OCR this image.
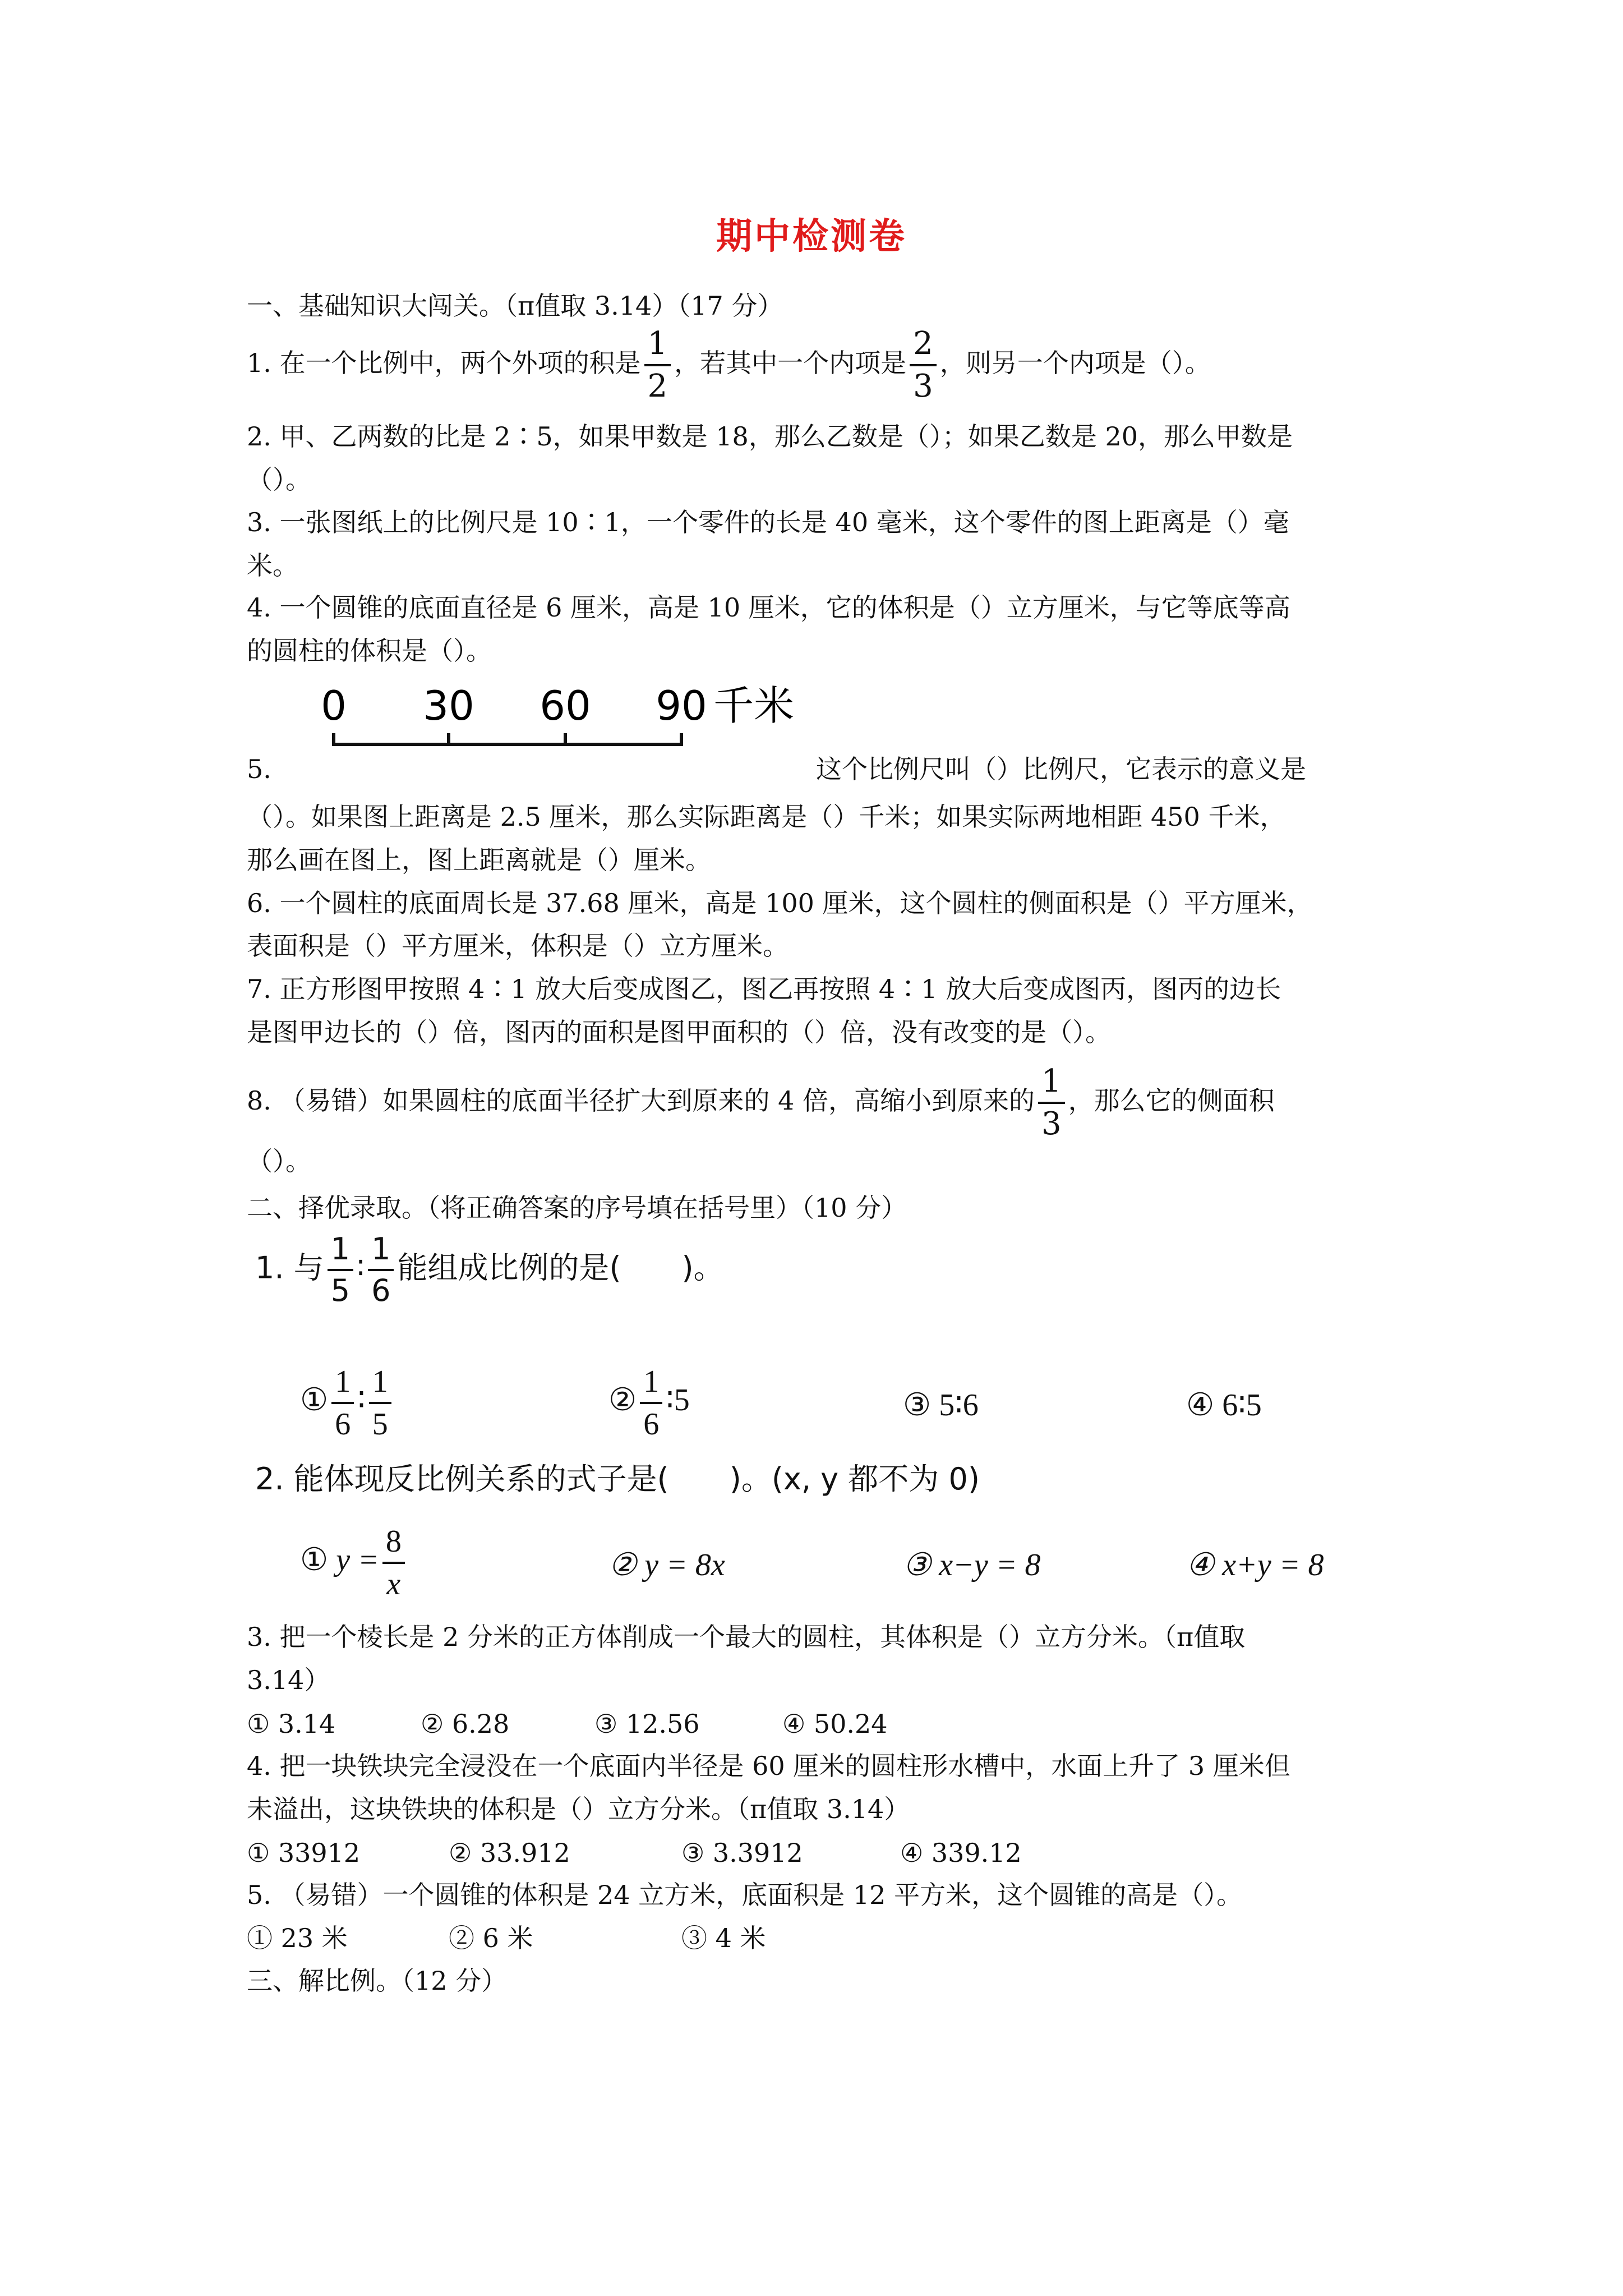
期中检测卷
一、基础知识大闯关。（π值取 3.14）（17 分）
1. 在一个比例中，两个外项的积是 $\frac{1}{2}$ ，若其中一个内项是 $\frac{2}{3}$ ，则另一个内项是（）。
2. 甲、乙两数的比是 2∶5，如果甲数是 18，那么乙数是（）；如果乙数是 20，那么甲数是
（）。
3. 一张图纸上的比例尺是 10∶1，一个零件的长是 40 毫米，这个零件的图上距离是（）毫
米。
4. 一个圆锥的底面直径是 6 厘米，高是 10 厘米，它的体积是（）立方厘米，与它等底等高
的圆柱的体积是（）。
0 30 60 90 千米
5.	这个比例尺叫（）比例尺，它表示的意义是
（）。如果图上距离是 2.5 厘米，那么实际距离是（）千米；如果实际两地相距 450 千米，
那么画在图上，图上距离就是（）厘米。
6. 一个圆柱的底面周长是 37.68 厘米，高是 100 厘米，这个圆柱的侧面积是（）平方厘米，
表面积是（）平方厘米，体积是（）立方厘米。
7. 正方形图甲按照 4∶1 放大后变成图乙，图乙再按照 4∶1 放大后变成图丙，图丙的边长
是图甲边长的（）倍，图丙的面积是图甲面积的（）倍，没有改变的是（）。
8. （易错）如果圆柱的底面半径扩大到原来的 4 倍，高缩小到原来的 $\frac{1}{3}$ ，那么它的侧面积
（）。
二、择优录取。（将正确答案的序号填在括号里）（10 分）
1. 与 $\frac{1}{5}$ ∶ $\frac{1}{6}$ 能组成比例的是(　　)。
① $\frac{1}{6}$ ∶ $\frac{1}{5}$	② $\frac{1}{6}$ ∶5	③ 5∶6	④ 6∶5
2. 能体现反比例关系的式子是(　　)。(x, y 都不为 0)
① $y = \frac{8}{x}$	② y = 8x	③ x−y = 8	④ x+y = 8
3. 把一个棱长是 2 分米的正方体削成一个最大的圆柱，其体积是（）立方分米。（π值取
3.14）
① 3.14	② 6.28	③ 12.56	④ 50.24
4. 把一块铁块完全浸没在一个底面内半径是 60 厘米的圆柱形水槽中，水面上升了 3 厘米但
未溢出，这块铁块的体积是（）立方分米。（π值取 3.14）
① 33912	② 33.912	③ 3.3912	④ 339.12
5. （易错）一个圆锥的体积是 24 立方米，底面积是 12 平方米，这个圆锥的高是（）。
① 23 米	② 6 米	③ 4 米
三、解比例。（12 分）
